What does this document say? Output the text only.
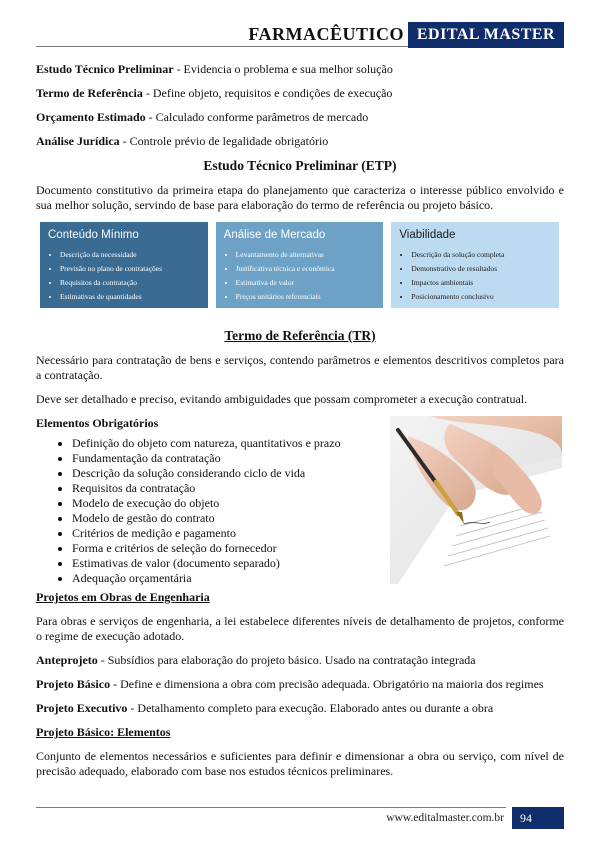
FARMACÊUTICO EDITAL MASTER

Estudo Técnico Preliminar - Evidencia o problema e sua melhor solução

Termo de Referência - Define objeto, requisitos e condições de execução

Orçamento Estimado - Calculado conforme parâmetros de mercado

Análise Jurídica - Controle prévio de legalidade obrigatório

Estudo Técnico Preliminar (ETP)

Documento constitutivo da primeira etapa do planejamento que caracteriza o interesse público envolvido e sua melhor solução, servindo de base para elaboração do termo de referência ou projeto básico.

Conteúdo Mínimo
• Descrição da necessidade
• Previsão no plano de contratações
• Requisitos da contratação
• Estimativas de quantidades
Análise de Mercado
• Levantamento de alternativas
• Justificativa técnica e econômica
• Estimativa de valor
• Preços unitários referenciais
Viabilidade
• Descrição da solução completa
• Demonstrativo de resultados
• Impactos ambientais
• Posicionamento conclusivo
Termo de Referência (TR)

Necessário para contratação de bens e serviços, contendo parâmetros e elementos descritivos completos para a contratação.

Deve ser detalhado e preciso, evitando ambiguidades que possam comprometer a execução contratual.

Elementos Obrigatórios
• Definição do objeto com natureza, quantitativos e prazo
• Fundamentação da contratação
• Descrição da solução considerando ciclo de vida
• Requisitos da contratação
• Modelo de execução do objeto
• Modelo de gestão do contrato
• Critérios de medição e pagamento
• Forma e critérios de seleção do fornecedor
• Estimativas de valor (documento separado)
• Adequação orçamentária
Projetos em Obras de Engenharia

Para obras e serviços de engenharia, a lei estabelece diferentes níveis de detalhamento de projetos, conforme o regime de execução adotado.

Anteprojeto - Subsídios para elaboração do projeto básico. Usado na contratação integrada

Projeto Básico - Define e dimensiona a obra com precisão adequada. Obrigatório na maioria dos regimes

Projeto Executivo - Detalhamento completo para execução. Elaborado antes ou durante a obra

Projeto Básico: Elementos

Conjunto de elementos necessários e suficientes para definir e dimensionar a obra ou serviço, com nível de precisão adequado, elaborado com base nos estudos técnicos preliminares.

www.editalmaster.com.br	94
